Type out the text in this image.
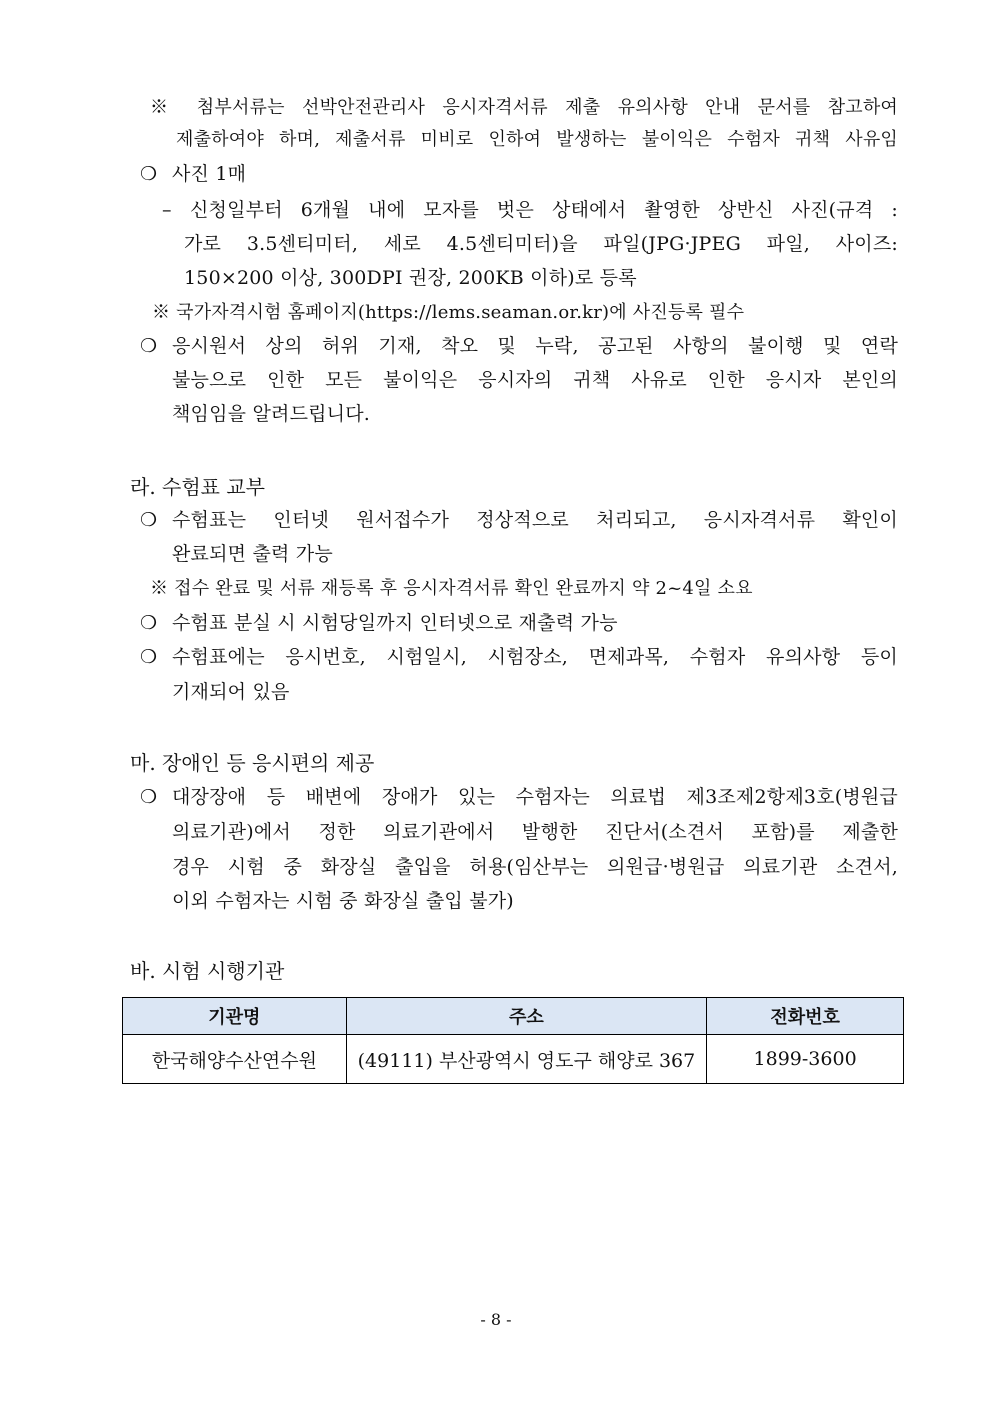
※ 첨부서류는 선박안전관리사 응시자격서류 제출 유의사항 안내 문서를 참고하여
제출하여야 하며, 제출서류 미비로 인하여 발생하는 불이익은 수험자 귀책 사유임
❍ 사진 1매
– 신청일부터 6개월 내에 모자를 벗은 상태에서 촬영한 상반신 사진(규격 :
가로 3.5센티미터, 세로 4.5센티미터)을 파일(JPG·JPEG 파일, 사이즈:
150×200 이상, 300DPI 권장, 200KB 이하)로 등록
※ 국가자격시험 홈페이지(https://lems.seaman.or.kr)에 사진등록 필수
❍ 응시원서 상의 허위 기재, 착오 및 누락, 공고된 사항의 불이행 및 연락
불능으로 인한 모든 불이익은 응시자의 귀책 사유로 인한 응시자 본인의
책임임을 알려드립니다.
라. 수험표 교부
❍ 수험표는 인터넷 원서접수가 정상적으로 처리되고, 응시자격서류 확인이
완료되면 출력 가능
※ 접수 완료 및 서류 재등록 후 응시자격서류 확인 완료까지 약 2~4일 소요
❍ 수험표 분실 시 시험당일까지 인터넷으로 재출력 가능
❍ 수험표에는 응시번호, 시험일시, 시험장소, 면제과목, 수험자 유의사항 등이
기재되어 있음
마. 장애인 등 응시편의 제공
❍ 대장장애 등 배변에 장애가 있는 수험자는 의료법 제3조제2항제3호(병원급
의료기관)에서 정한 의료기관에서 발행한 진단서(소견서 포함)를 제출한
경우 시험 중 화장실 출입을 허용(임산부는 의원급·병원급 의료기관 소견서,
이외 수험자는 시험 중 화장실 출입 불가)
바. 시험 시행기관
기관명	주소	전화번호
한국해양수산연수원	(49111) 부산광역시 영도구 해양로 367	1899-3600
- 8 -
